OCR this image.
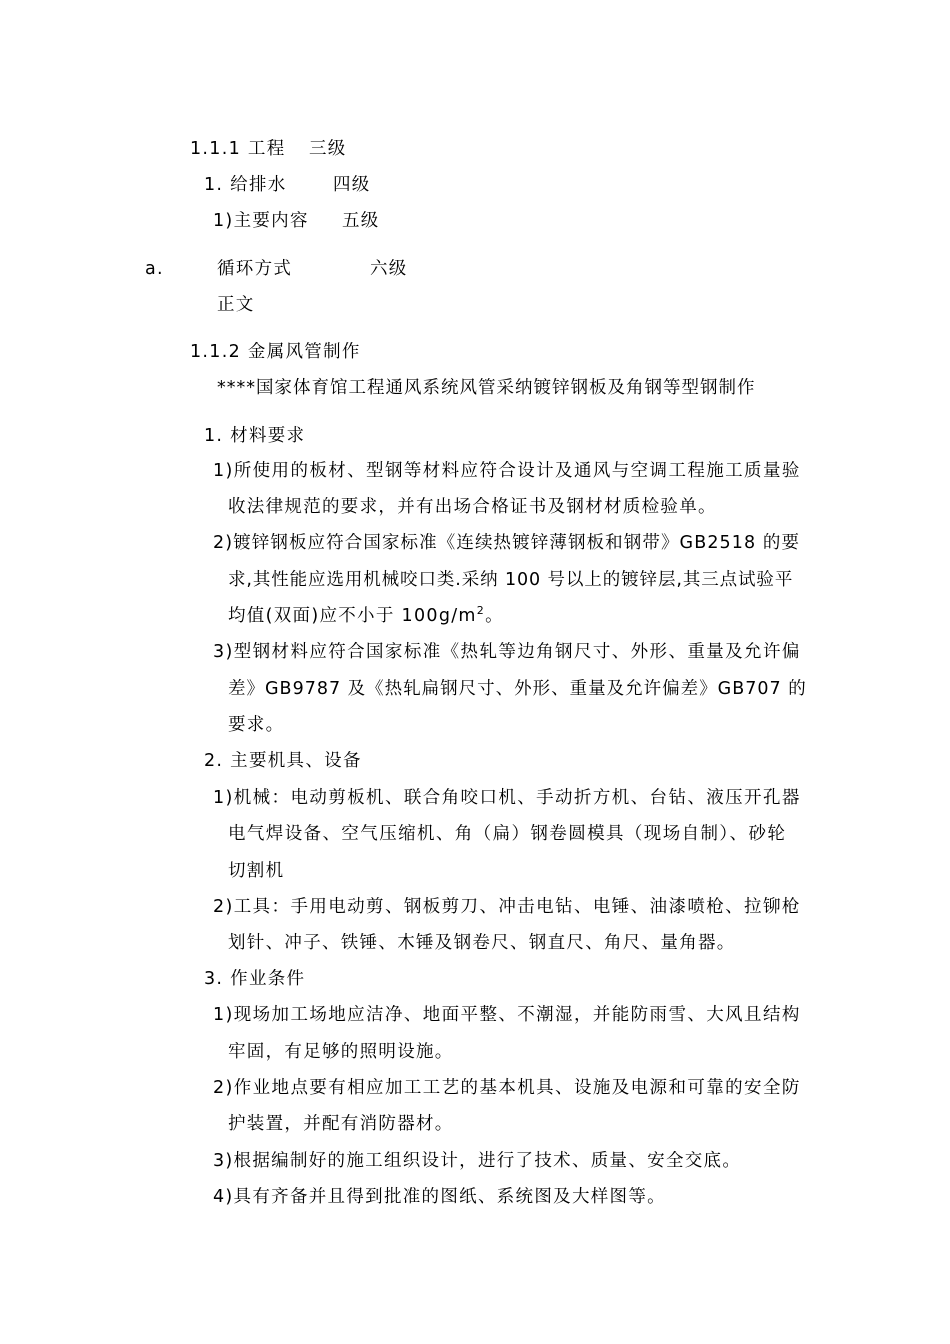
1.1.1 工程 三级
1. 给排水	四级
1)主要内容 五级
a.	循环方式	六级
正文
1.1.2 金属风管制作
****国家体育馆工程通风系统风管采纳镀锌钢板及角钢等型钢制作
1. 材料要求
1)所使用的板材、型钢等材料应符合设计及通风与空调工程施工质量验
收法律规范的要求，并有出场合格证书及钢材材质检验单。
2)镀锌钢板应符合国家标准《连续热镀锌薄钢板和钢带》GB2518 的要
求,其性能应选用机械咬口类.采纳 100 号以上的镀锌层,其三点试验平
均值(双面)应不小于 $100g/m^2$。
3)型钢材料应符合国家标准《热轧等边角钢尺寸、外形、重量及允许偏
差》GB9787 及《热轧扁钢尺寸、外形、重量及允许偏差》GB707 的
要求。
2. 主要机具、设备
1)机械：电动剪板机、联合角咬口机、手动折方机、台钻、液压开孔器
电气焊设备、空气压缩机、角（扁）钢卷圆模具（现场自制）、砂轮
切割机
2)工具：手用电动剪、钢板剪刀、冲击电钻、电锤、油漆喷枪、拉铆枪
划针、冲子、铁锤、木锤及钢卷尺、钢直尺、角尺、量角器。
3. 作业条件
1)现场加工场地应洁净、地面平整、不潮湿，并能防雨雪、大风且结构
牢固，有足够的照明设施。
2)作业地点要有相应加工工艺的基本机具、设施及电源和可靠的安全防
护装置，并配有消防器材。
3)根据编制好的施工组织设计，进行了技术、质量、安全交底。
4)具有齐备并且得到批准的图纸、系统图及大样图等。
